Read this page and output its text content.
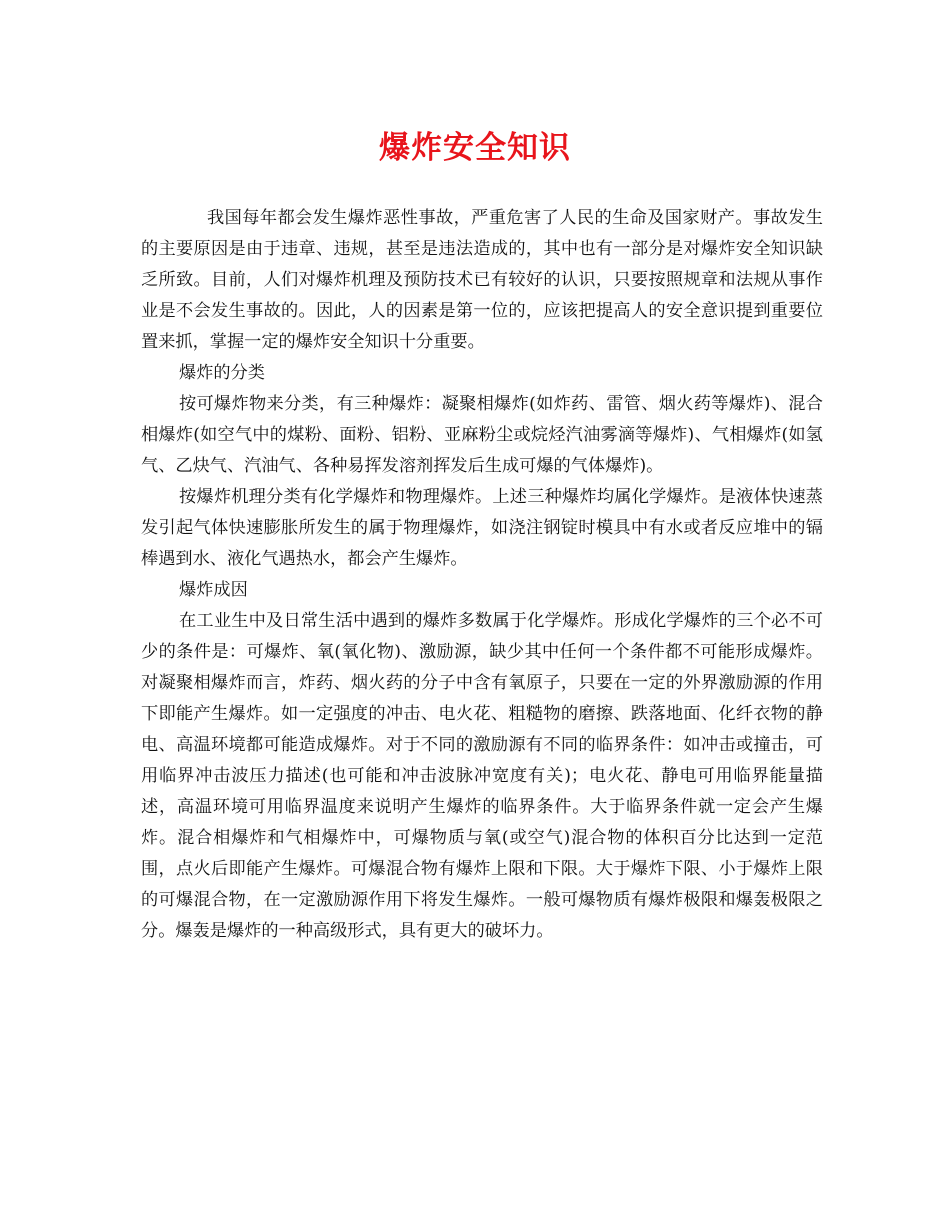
爆炸安全知识

我国每年都会发生爆炸恶性事故，严重危害了人民的生命及国家财产。事故发生的主要原因是由于违章、违规，甚至是违法造成的，其中也有一部分是对爆炸安全知识缺乏所致。目前，人们对爆炸机理及预防技术已有较好的认识，只要按照规章和法规从事作业是不会发生事故的。因此，人的因素是第一位的，应该把提高人的安全意识提到重要位置来抓，掌握一定的爆炸安全知识十分重要。

爆炸的分类

按可爆炸物来分类，有三种爆炸：凝聚相爆炸(如炸药、雷管、烟火药等爆炸)、混合相爆炸(如空气中的煤粉、面粉、铝粉、亚麻粉尘或烷烃汽油雾滴等爆炸)、气相爆炸(如氢气、乙炔气、汽油气、各种易挥发溶剂挥发后生成可爆的气体爆炸)。

按爆炸机理分类有化学爆炸和物理爆炸。上述三种爆炸均属化学爆炸。是液体快速蒸发引起气体快速膨胀所发生的属于物理爆炸，如浇注钢锭时模具中有水或者反应堆中的镉棒遇到水、液化气遇热水，都会产生爆炸。

爆炸成因

在工业生中及日常生活中遇到的爆炸多数属于化学爆炸。形成化学爆炸的三个必不可少的条件是：可爆炸、氧(氧化物)、激励源，缺少其中任何一个条件都不可能形成爆炸。对凝聚相爆炸而言，炸药、烟火药的分子中含有氧原子，只要在一定的外界激励源的作用下即能产生爆炸。如一定强度的冲击、电火花、粗糙物的磨擦、跌落地面、化纤衣物的静电、高温环境都可能造成爆炸。对于不同的激励源有不同的临界条件：如冲击或撞击，可用临界冲击波压力描述(也可能和冲击波脉冲宽度有关)；电火花、静电可用临界能量描述，高温环境可用临界温度来说明产生爆炸的临界条件。大于临界条件就一定会产生爆炸。混合相爆炸和气相爆炸中，可爆物质与氧(或空气)混合物的体积百分比达到一定范围，点火后即能产生爆炸。可爆混合物有爆炸上限和下限。大于爆炸下限、小于爆炸上限的可爆混合物，在一定激励源作用下将发生爆炸。一般可爆物质有爆炸极限和爆轰极限之分。爆轰是爆炸的一种高级形式，具有更大的破坏力。
